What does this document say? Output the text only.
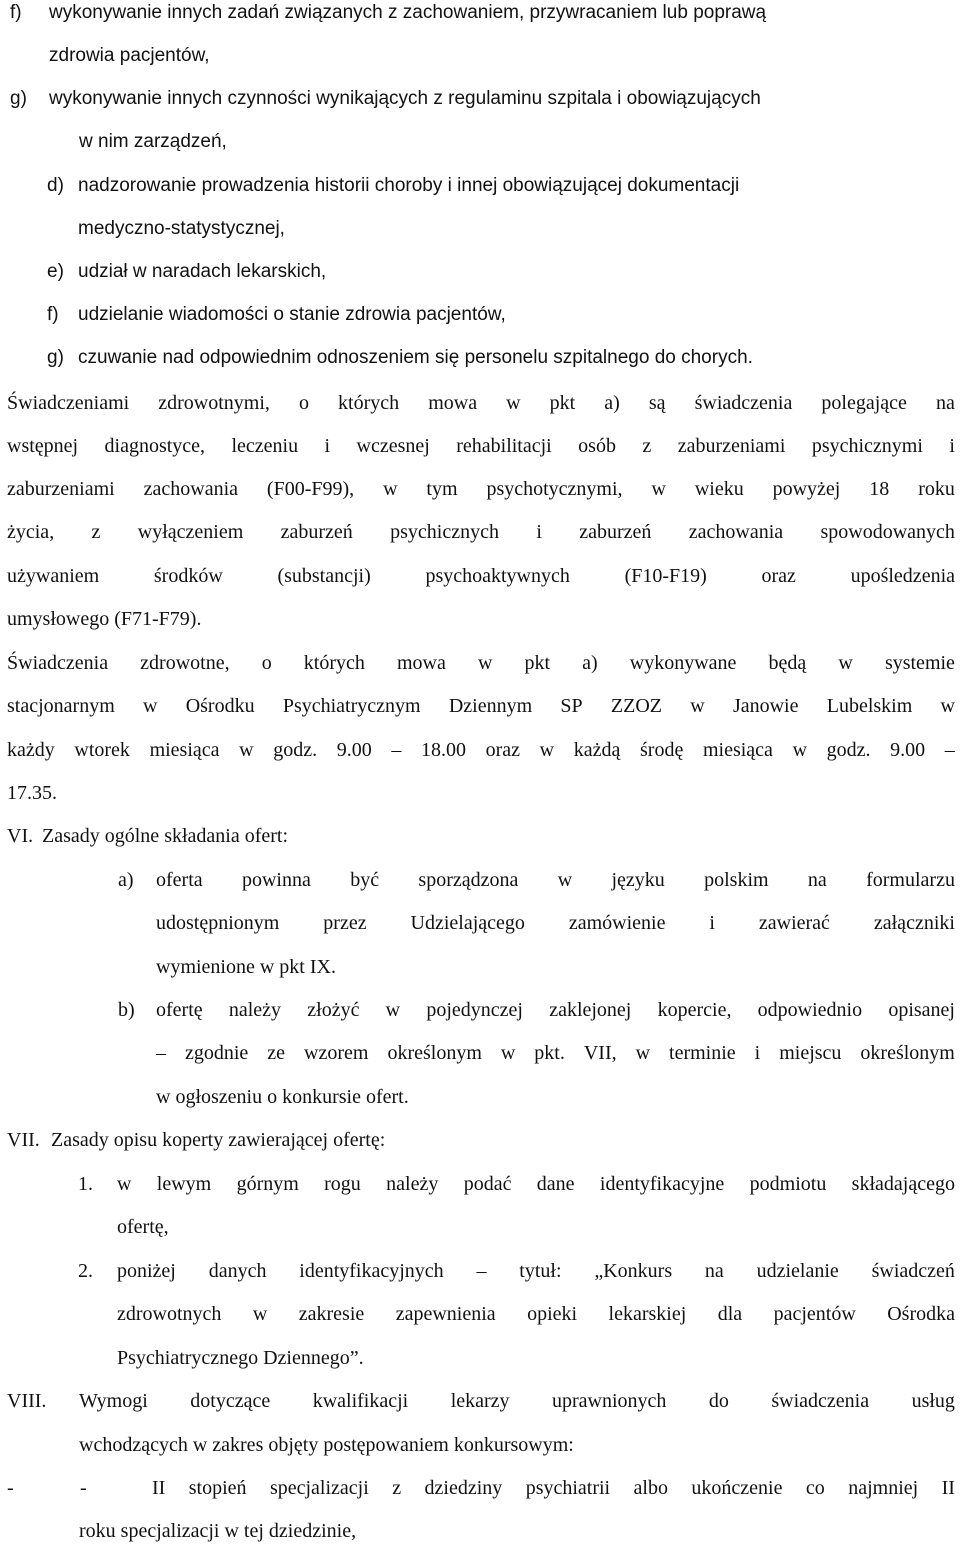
f) wykonywanie innych zadań związanych z zachowaniem, przywracaniem lub poprawą
zdrowia pacjentów,
g) wykonywanie innych czynności wynikających z regulaminu szpitala i obowiązujących
w nim zarządzeń,
d) nadzorowanie prowadzenia historii choroby i innej obowiązującej dokumentacji
medyczno-statystycznej,
e) udział w naradach lekarskich,
f) udzielanie wiadomości o stanie zdrowia pacjentów,
g) czuwanie nad odpowiednim odnoszeniem się personelu szpitalnego do chorych.
Świadczeniami zdrowotnymi, o których mowa w pkt a) są świadczenia polegające na
wstępnej diagnostyce, leczeniu i wczesnej rehabilitacji osób z zaburzeniami psychicznymi i
zaburzeniami zachowania (F00-F99), w tym psychotycznymi, w wieku powyżej 18 roku
życia, z wyłączeniem zaburzeń psychicznych i zaburzeń zachowania spowodowanych
używaniem	środków	(substancji)	psychoaktywnych	(F10-F19)	oraz	upośledzenia
umysłowego (F71-F79).
Świadczenia zdrowotne, o których mowa w pkt a) wykonywane będą w systemie
stacjonarnym w Ośrodku Psychiatrycznym Dziennym SP ZZOZ w Janowie Lubelskim w
każdy wtorek miesiąca w godz. 9.00 – 18.00 oraz w każdą środę miesiąca w godz. 9.00 –
17.35.
VI. Zasady ogólne składania ofert:
a) oferta powinna być sporządzona w języku polskim na formularzu
udostępnionym przez Udzielającego zamówienie i zawierać załączniki
wymienione w pkt IX.
b) ofertę należy złożyć w pojedynczej zaklejonej kopercie, odpowiednio opisanej
– zgodnie ze wzorem określonym w pkt. VII, w terminie i miejscu określonym
w ogłoszeniu o konkursie ofert.
VII. Zasady opisu koperty zawierającej ofertę:
1. w lewym górnym rogu należy podać dane identyfikacyjne podmiotu składającego
ofertę,
2. poniżej danych identyfikacyjnych – tytuł: „Konkurs na udzielanie świadczeń
zdrowotnych w zakresie zapewnienia opieki lekarskiej dla pacjentów Ośrodka
Psychiatrycznego Dziennego”.
VIII. Wymogi dotyczące kwalifikacji lekarzy uprawnionych do świadczenia usług
wchodzących w zakres objęty postępowaniem konkursowym:
-	-	II stopień specjalizacji z dziedziny psychiatrii albo ukończenie co najmniej II
roku specjalizacji w tej dziedzinie,
